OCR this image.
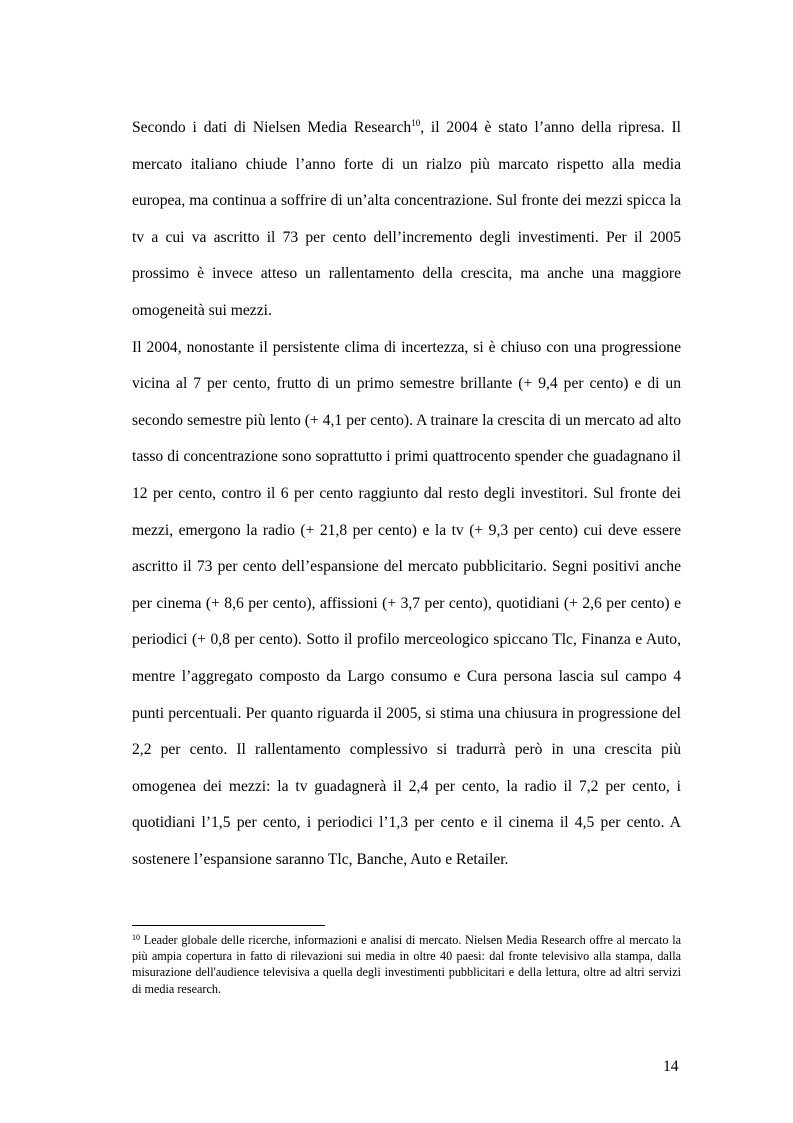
Secondo i dati di Nielsen Media Research$^{10}$, il 2004 è stato l’anno della ripresa. Il mercato italiano chiude l’anno forte di un rialzo più marcato rispetto alla media europea, ma continua a soffrire di un’alta concentrazione. Sul fronte dei mezzi spicca la tv a cui va ascritto il 73 per cento dell’incremento degli investimenti. Per il 2005 prossimo è invece atteso un rallentamento della crescita, ma anche una maggiore omogeneità sui mezzi.

Il 2004, nonostante il persistente clima di incertezza, si è chiuso con una progressione vicina al 7 per cento, frutto di un primo semestre brillante (+ 9,4 per cento) e di un secondo semestre più lento (+ 4,1 per cento). A trainare la crescita di un mercato ad alto tasso di concentrazione sono soprattutto i primi quattrocento spender che guadagnano il 12 per cento, contro il 6 per cento raggiunto dal resto degli investitori. Sul fronte dei mezzi, emergono la radio (+ 21,8 per cento) e la tv (+ 9,3 per cento) cui deve essere ascritto il 73 per cento dell’espansione del mercato pubblicitario. Segni positivi anche per cinema (+ 8,6 per cento), affissioni (+ 3,7 per cento), quotidiani (+ 2,6 per cento) e periodici (+ 0,8 per cento). Sotto il profilo merceologico spiccano Tlc, Finanza e Auto, mentre l’aggregato composto da Largo consumo e Cura persona lascia sul campo 4 punti percentuali. Per quanto riguarda il 2005, si stima una chiusura in progressione del 2,2 per cento. Il rallentamento complessivo si tradurrà però in una crescita più omogenea dei mezzi: la tv guadagnerà il 2,4 per cento, la radio il 7,2 per cento, i quotidiani l’1,5 per cento, i periodici l’1,3 per cento e il cinema il 4,5 per cento. A sostenere l’espansione saranno Tlc, Banche, Auto e Retailer.

$^{10}$ Leader globale delle ricerche, informazioni e analisi di mercato. Nielsen Media Research offre al mercato la più ampia copertura in fatto di rilevazioni sui media in oltre 40 paesi: dal fronte televisivo alla stampa, dalla misurazione dell'audience televisiva a quella degli investimenti pubblicitari e della lettura, oltre ad altri servizi di media research.
14
